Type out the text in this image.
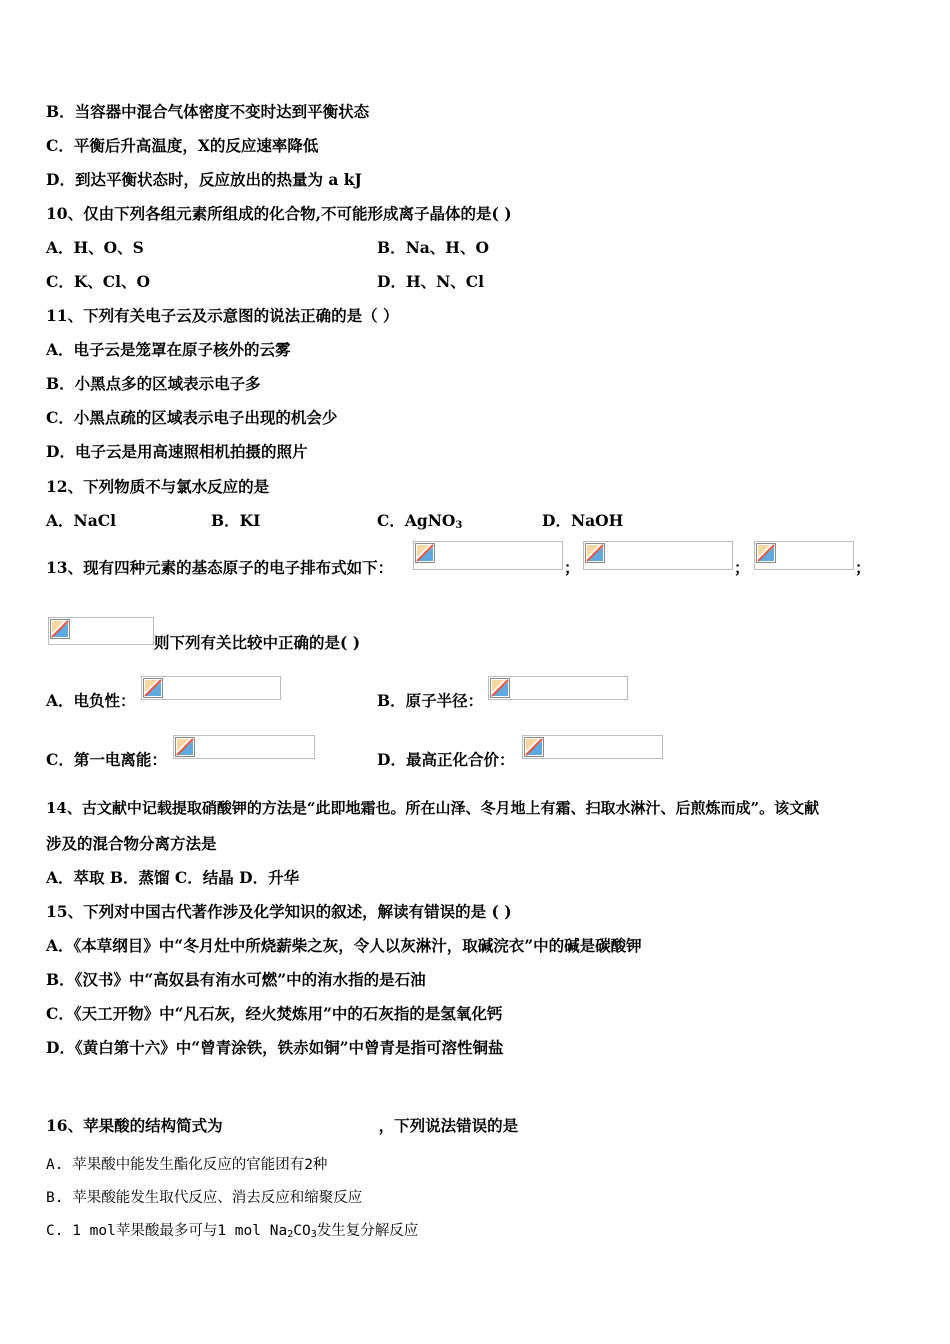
B．当容器中混合气体密度不变时达到平衡状态
C．平衡后升高温度，X的反应速率降低
D．到达平衡状态时，反应放出的热量为 a kJ
10、仅由下列各组元素所组成的化合物,不可能形成离子晶体的是( )
A．H、O、S	B．Na、H、O
C．K、Cl、O	D．H、N、Cl
11、下列有关电子云及示意图的说法正确的是（ ）
A．电子云是笼罩在原子核外的云雾
B．小黑点多的区域表示电子多
C．小黑点疏的区域表示电子出现的机会少
D．电子云是用高速照相机拍摄的照片
12、下列物质不与氯水反应的是
A．NaCl	B．KI	C．AgNO$_3$	D．NaOH
13、现有四种元素的基态原子的电子排布式如下：	；	；	；
则下列有关比较中正确的是( )
A．电负性：	B．原子半径：
C．第一电离能：	D．最高正化合价：
14、古文献中记载提取硝酸钾的方法是“此即地霜也。所在山泽、冬月地上有霜、扫取水淋汁、后煎炼而成”。该文献
涉及的混合物分离方法是
A．萃取 B．蒸馏 C．结晶 D．升华
15、下列对中国古代著作涉及化学知识的叙述，解读有错误的是 ( )
A．《本草纲目》中“冬月灶中所烧薪柴之灰，令人以灰淋汁，取碱浣衣”中的碱是碳酸钾
B．《汉书》中“高奴县有洧水可燃”中的洧水指的是石油
C．《天工开物》中“凡石灰，经火焚炼用”中的石灰指的是氢氧化钙
D．《黄白第十六》中“曾青涂铁，铁赤如铜”中曾青是指可溶性铜盐
16、苹果酸的结构简式为	，下列说法错误的是
A. 苹果酸中能发生酯化反应的官能团有2种
B. 苹果酸能发生取代反应、消去反应和缩聚反应
C. 1 mol苹果酸最多可与1 mol $Na_2CO_3$发生复分解反应
